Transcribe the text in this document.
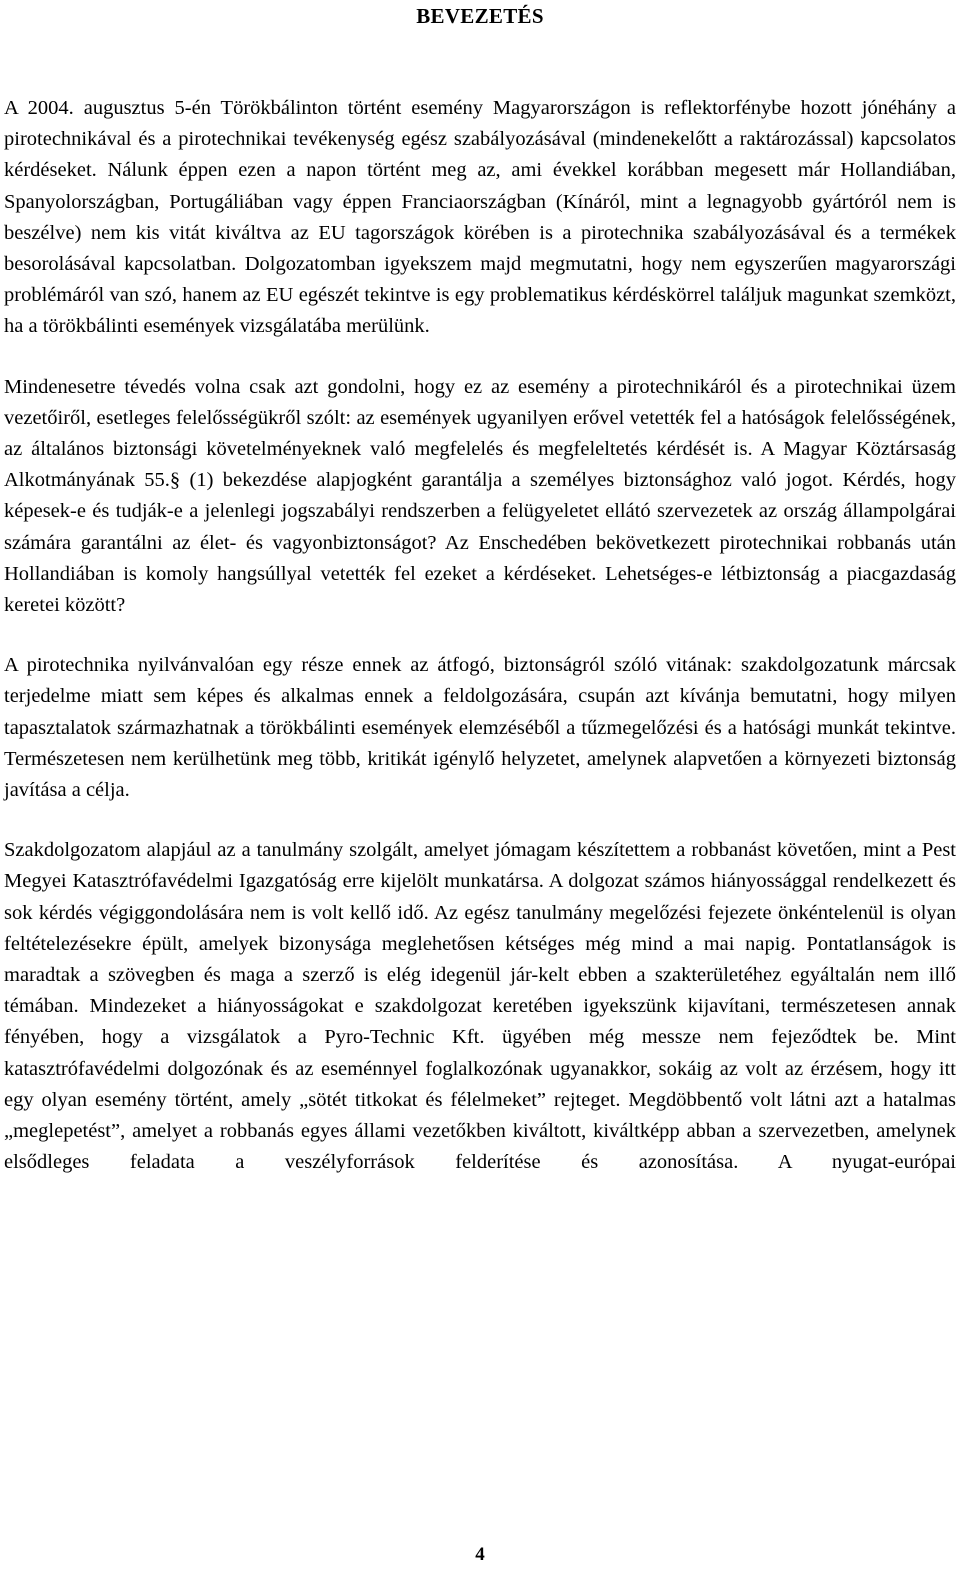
BEVEZETÉS

A 2004. augusztus 5-én Törökbálinton történt esemény Magyarországon is reflektorfénybe hozott jónéhány a pirotechnikával és a pirotechnikai tevékenység egész szabályozásával (mindenekelőtt a raktározással) kapcsolatos kérdéseket. Nálunk éppen ezen a napon történt meg az, ami évekkel korábban megesett már Hollandiában, Spanyolországban, Portugáliában vagy éppen Franciaországban (Kínáról, mint a legnagyobb gyártóról nem is beszélve) nem kis vitát kiváltva az EU tagországok körében is a pirotechnika szabályozásával és a termékek besorolásával kapcsolatban. Dolgozatomban igyekszem majd megmutatni, hogy nem egyszerűen magyarországi problémáról van szó, hanem az EU egészét tekintve is egy problematikus kérdéskörrel találjuk magunkat szemközt, ha a törökbálinti események vizsgálatába merülünk.

Mindenesetre tévedés volna csak azt gondolni, hogy ez az esemény a pirotechnikáról és a pirotechnikai üzem vezetőiről, esetleges felelősségükről szólt: az események ugyanilyen erővel vetették fel a hatóságok felelősségének, az általános biztonsági követelményeknek való megfelelés és megfeleltetés kérdését is. A Magyar Köztársaság Alkotmányának 55.§ (1) bekezdése alapjogként garantálja a személyes biztonsághoz való jogot. Kérdés, hogy képesek-e és tudják-e a jelenlegi jogszabályi rendszerben a felügyeletet ellátó szervezetek az ország állampolgárai számára garantálni az élet- és vagyonbiztonságot? Az Enschedében bekövetkezett pirotechnikai robbanás után Hollandiában is komoly hangsúllyal vetették fel ezeket a kérdéseket. Lehetséges-e létbiztonság a piacgazdaság keretei között?

A pirotechnika nyilvánvalóan egy része ennek az átfogó, biztonságról szóló vitának: szakdolgozatunk márcsak terjedelme miatt sem képes és alkalmas ennek a feldolgozására, csupán azt kívánja bemutatni, hogy milyen tapasztalatok származhatnak a törökbálinti események elemzéséből a tűzmegelőzési és a hatósági munkát tekintve. Természetesen nem kerülhetünk meg több, kritikát igénylő helyzetet, amelynek alapvetően a környezeti biztonság javítása a célja.

Szakdolgozatom alapjául az a tanulmány szolgált, amelyet jómagam készítettem a robbanást követően, mint a Pest Megyei Katasztrófavédelmi Igazgatóság erre kijelölt munkatársa. A dolgozat számos hiányossággal rendelkezett és sok kérdés végiggondolására nem is volt kellő idő. Az egész tanulmány megelőzési fejezete önkéntelenül is olyan feltételezésekre épült, amelyek bizonysága meglehetősen kétséges még mind a mai napig. Pontatlanságok is maradtak a szövegben és maga a szerző is elég idegenül jár-kelt ebben a szakterületéhez egyáltalán nem illő témában. Mindezeket a hiányosságokat e szakdolgozat keretében igyekszünk kijavítani, természetesen annak fényében, hogy a vizsgálatok a Pyro-Technic Kft. ügyében még messze nem fejeződtek be. Mint katasztrófavédelmi dolgozónak és az eseménnyel foglalkozónak ugyanakkor, sokáig az volt az érzésem, hogy itt egy olyan esemény történt, amely „sötét titkokat és félelmeket” rejteget. Megdöbbentő volt látni azt a hatalmas „meglepetést”, amelyet a robbanás egyes állami vezetőkben kiváltott, kiváltképp abban a szervezetben, amelynek elsődleges feladata a veszélyforrások felderítése és azonosítása. A nyugat-európai

4
